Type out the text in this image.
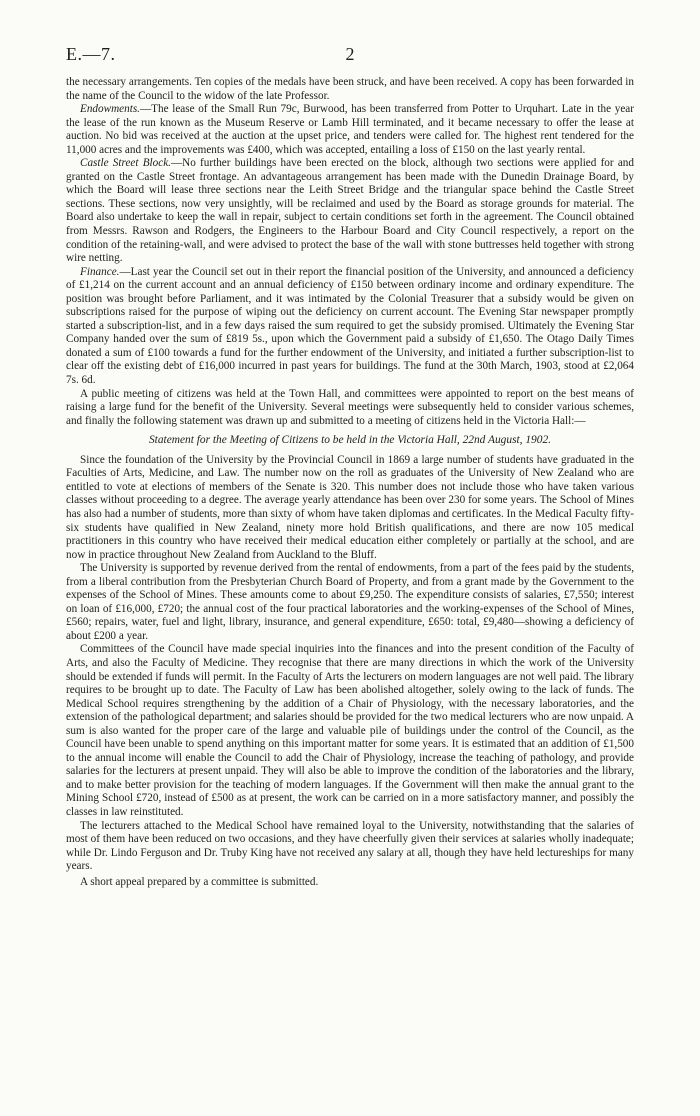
E.—7.	2

the necessary arrangements. Ten copies of the medals have been struck, and have been received. A copy has been forwarded in the name of the Council to the widow of the late Professor.

Endowments.—The lease of the Small Run 79c, Burwood, has been transferred from Potter to Urquhart. Late in the year the lease of the run known as the Museum Reserve or Lamb Hill terminated, and it became necessary to offer the lease at auction. No bid was received at the auction at the upset price, and tenders were called for. The highest rent tendered for the 11,000 acres and the improvements was £400, which was accepted, entailing a loss of £150 on the last yearly rental.

Castle Street Block.—No further buildings have been erected on the block, although two sections were applied for and granted on the Castle Street frontage. An advantageous arrangement has been made with the Dunedin Drainage Board, by which the Board will lease three sections near the Leith Street Bridge and the triangular space behind the Castle Street sections. These sections, now very unsightly, will be reclaimed and used by the Board as storage grounds for material. The Board also undertake to keep the wall in repair, subject to certain conditions set forth in the agreement. The Council obtained from Messrs. Rawson and Rodgers, the Engineers to the Harbour Board and City Council respectively, a report on the condition of the retaining-wall, and were advised to protect the base of the wall with stone buttresses held together with strong wire netting.

Finance.—Last year the Council set out in their report the financial position of the University, and announced a deficiency of £1,214 on the current account and an annual deficiency of £150 between ordinary income and ordinary expenditure. The position was brought before Parliament, and it was intimated by the Colonial Treasurer that a subsidy would be given on subscriptions raised for the purpose of wiping out the deficiency on current account. The Evening Star newspaper promptly started a subscription-list, and in a few days raised the sum required to get the subsidy promised. Ultimately the Evening Star Company handed over the sum of £819 5s., upon which the Government paid a subsidy of £1,650. The Otago Daily Times donated a sum of £100 towards a fund for the further endowment of the University, and initiated a further subscription-list to clear off the existing debt of £16,000 incurred in past years for buildings. The fund at the 30th March, 1903, stood at £2,064 7s. 6d.

A public meeting of citizens was held at the Town Hall, and committees were appointed to report on the best means of raising a large fund for the benefit of the University. Several meetings were subsequently held to consider various schemes, and finally the following statement was drawn up and submitted to a meeting of citizens held in the Victoria Hall:—

Statement for the Meeting of Citizens to be held in the Victoria Hall, 22nd August, 1902.

Since the foundation of the University by the Provincial Council in 1869 a large number of students have graduated in the Faculties of Arts, Medicine, and Law. The number now on the roll as graduates of the University of New Zealand who are entitled to vote at elections of members of the Senate is 320. This number does not include those who have taken various classes without proceeding to a degree. The average yearly attendance has been over 230 for some years. The School of Mines has also had a number of students, more than sixty of whom have taken diplomas and certificates. In the Medical Faculty fifty-six students have qualified in New Zealand, ninety more hold British qualifications, and there are now 105 medical practitioners in this country who have received their medical education either completely or partially at the school, and are now in practice throughout New Zealand from Auckland to the Bluff.

The University is supported by revenue derived from the rental of endowments, from a part of the fees paid by the students, from a liberal contribution from the Presbyterian Church Board of Property, and from a grant made by the Government to the expenses of the School of Mines. These amounts come to about £9,250. The expenditure consists of salaries, £7,550; interest on loan of £16,000, £720; the annual cost of the four practical laboratories and the working-expenses of the School of Mines, £560; repairs, water, fuel and light, library, insurance, and general expenditure, £650: total, £9,480—showing a deficiency of about £200 a year.

Committees of the Council have made special inquiries into the finances and into the present condition of the Faculty of Arts, and also the Faculty of Medicine. They recognise that there are many directions in which the work of the University should be extended if funds will permit. In the Faculty of Arts the lecturers on modern languages are not well paid. The library requires to be brought up to date. The Faculty of Law has been abolished altogether, solely owing to the lack of funds. The Medical School requires strengthening by the addition of a Chair of Physiology, with the necessary laboratories, and the extension of the pathological department; and salaries should be provided for the two medical lecturers who are now unpaid. A sum is also wanted for the proper care of the large and valuable pile of buildings under the control of the Council, as the Council have been unable to spend anything on this important matter for some years. It is estimated that an addition of £1,500 to the annual income will enable the Council to add the Chair of Physiology, increase the teaching of pathology, and provide salaries for the lecturers at present unpaid. They will also be able to improve the condition of the laboratories and the library, and to make better provision for the teaching of modern languages. If the Government will then make the annual grant to the Mining School £720, instead of £500 as at present, the work can be carried on in a more satisfactory manner, and possibly the classes in law reinstituted.

The lecturers attached to the Medical School have remained loyal to the University, notwithstanding that the salaries of most of them have been reduced on two occasions, and they have cheerfully given their services at salaries wholly inadequate; while Dr. Lindo Ferguson and Dr. Truby King have not received any salary at all, though they have held lectureships for many years.

A short appeal prepared by a committee is submitted.
